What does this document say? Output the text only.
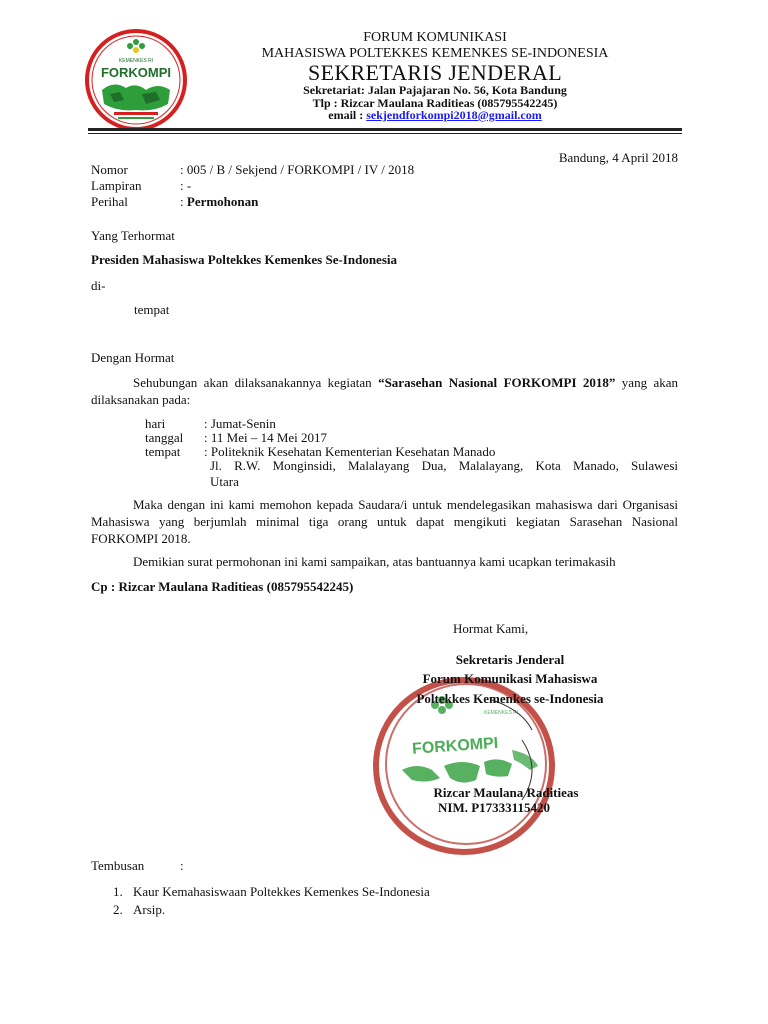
KEMENKES RI
FORKOMPI
FORUM KOMUNIKASI
MAHASISWA POLTEKKES KEMENKES SE-INDONESIA
SEKRETARIS JENDERAL
Sekretariat: Jalan Pajajaran No. 56, Kota Bandung
Tlp : Rizcar Maulana Raditieas (085795542245)
email : sekjendforkompi2018@gmail.com
Bandung, 4 April 2018
Nomor	: 005 / B / Sekjend / FORKOMPI / IV / 2018
Lampiran	: -
Perihal	: Permohonan
Yang Terhormat
Presiden Mahasiswa Poltekkes Kemenkes Se-Indonesia
di-
tempat
Dengan Hormat
Sehubungan akan dilaksanakannya kegiatan “Sarasehan Nasional FORKOMPI 2018” yang akan dilaksanakan pada:
hari	: Jumat-Senin
tanggal : 11 Mei – 14 Mei 2017
tempat : Politeknik Kesehatan Kementerian Kesehatan Manado
Jl. R.W. Monginsidi, Malalayang Dua, Malalayang, Kota Manado, Sulawesi
Utara
Maka dengan ini kami memohon kepada Saudara/i untuk mendelegasikan mahasiswa dari Organisasi Mahasiswa yang berjumlah minimal tiga orang untuk dapat mengikuti kegiatan Sarasehan Nasional FORKOMPI 2018.
Demikian surat permohonan ini kami sampaikan, atas bantuannya kami ucapkan terimakasih
Cp : Rizcar Maulana Raditieas (085795542245)
Hormat Kami,
KEMENKES RI
FORKOMPI
Sekretaris Jenderal
Forum Komunikasi Mahasiswa
Poltekkes Kemenkes se-Indonesia
Rizcar Maulana Raditieas
NIM. P17333115420
Tembusan	:
1. Kaur Kemahasiswaan Poltekkes Kemenkes Se-Indonesia
2. Arsip.
